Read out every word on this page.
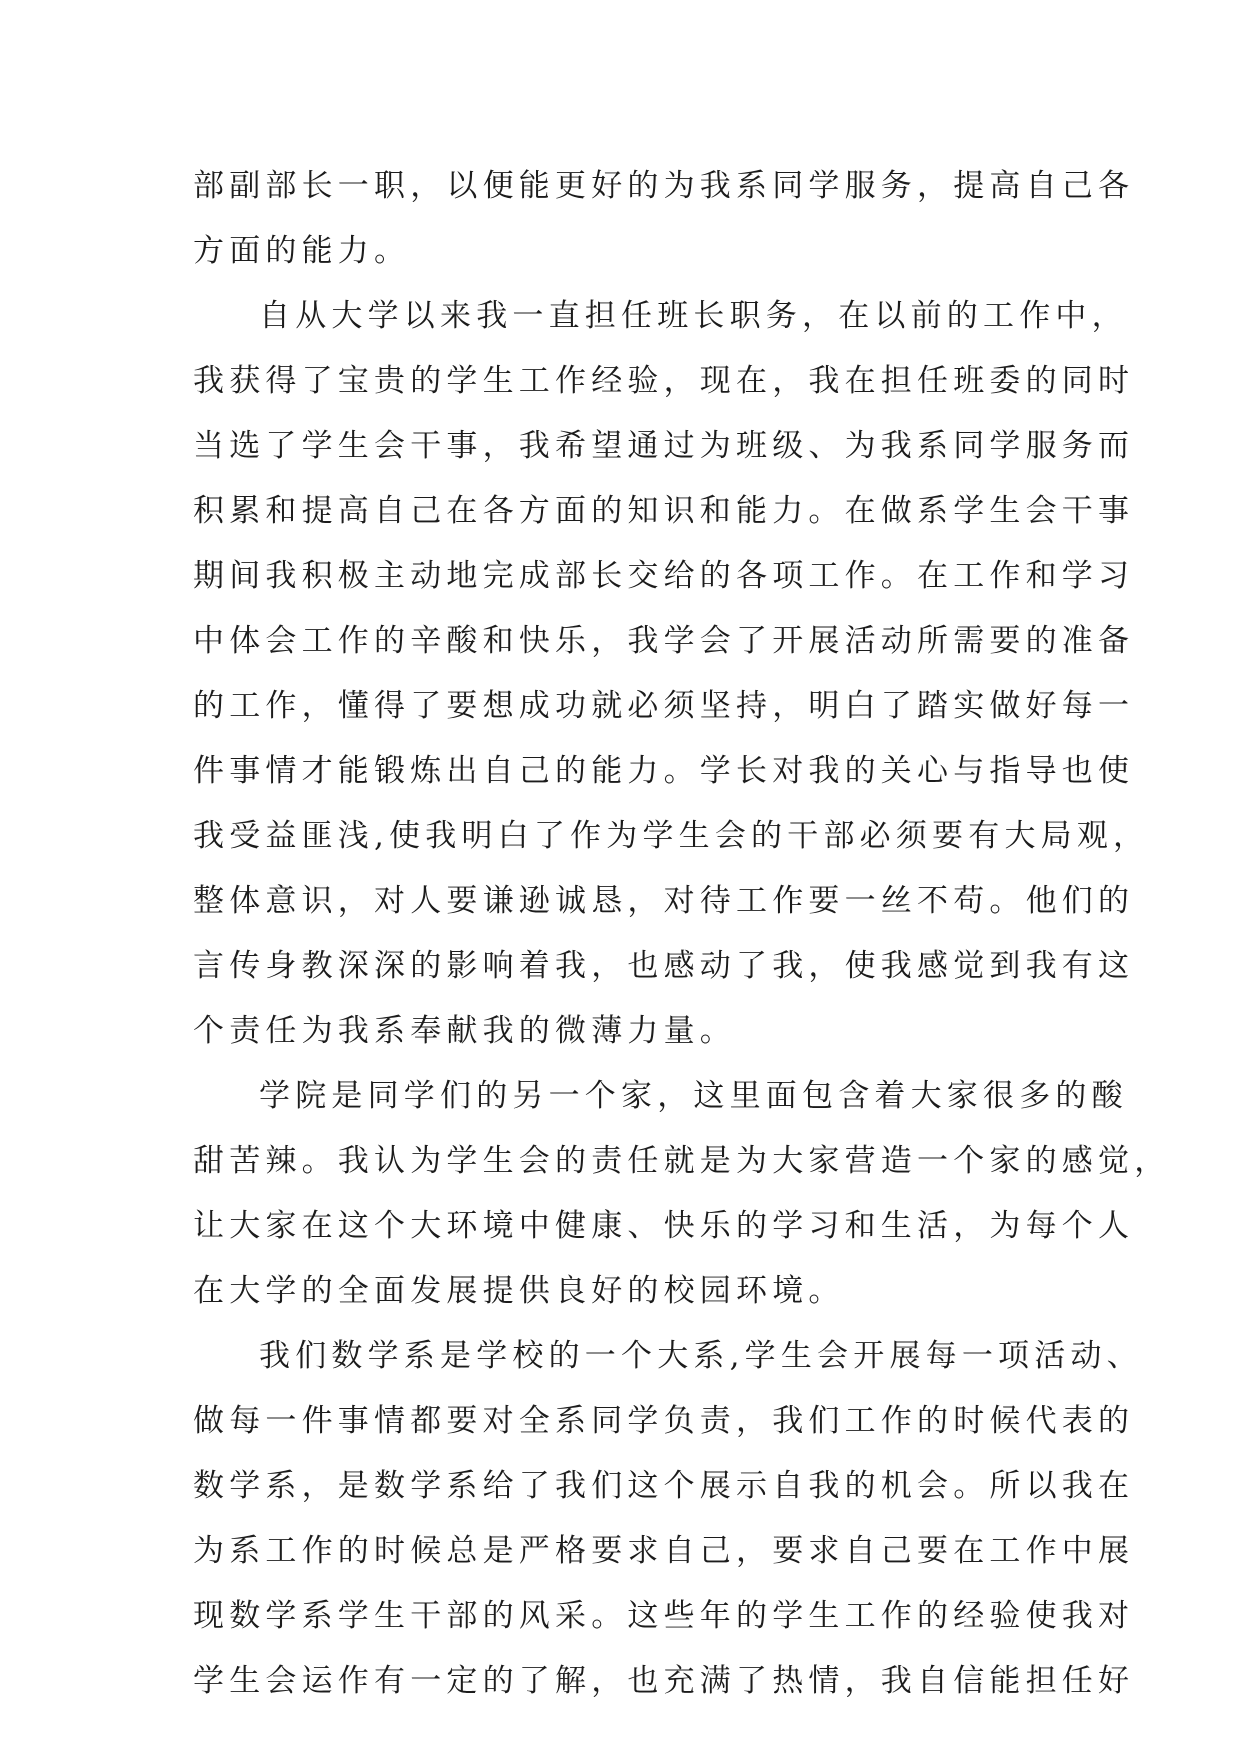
部副部长一职，以便能更好的为我系同学服务，提高自己各
方面的能力。
自从大学以来我一直担任班长职务，在以前的工作中，
我获得了宝贵的学生工作经验，现在，我在担任班委的同时
当选了学生会干事，我希望通过为班级、为我系同学服务而
积累和提高自己在各方面的知识和能力。在做系学生会干事
期间我积极主动地完成部长交给的各项工作。在工作和学习
中体会工作的辛酸和快乐，我学会了开展活动所需要的准备
的工作，懂得了要想成功就必须坚持，明白了踏实做好每一
件事情才能锻炼出自己的能力。学长对我的关心与指导也使
我受益匪浅,使我明白了作为学生会的干部必须要有大局观，
整体意识，对人要谦逊诚恳，对待工作要一丝不苟。他们的
言传身教深深的影响着我，也感动了我，使我感觉到我有这
个责任为我系奉献我的微薄力量。
学院是同学们的另一个家，这里面包含着大家很多的酸
甜苦辣。我认为学生会的责任就是为大家营造一个家的感觉，
让大家在这个大环境中健康、快乐的学习和生活，为每个人
在大学的全面发展提供良好的校园环境。
我们数学系是学校的一个大系,学生会开展每一项活动、
做每一件事情都要对全系同学负责，我们工作的时候代表的
数学系，是数学系给了我们这个展示自我的机会。所以我在
为系工作的时候总是严格要求自己，要求自己要在工作中展
现数学系学生干部的风采。这些年的学生工作的经验使我对
学生会运作有一定的了解，也充满了热情，我自信能担任好
